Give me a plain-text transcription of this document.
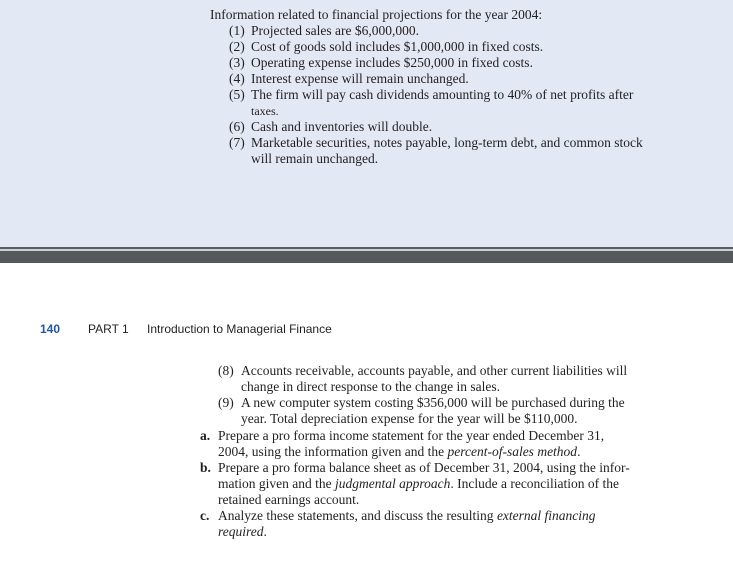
Information related to financial projections for the year 2004:
(1) Projected sales are $6,000,000.
(2) Cost of goods sold includes $1,000,000 in fixed costs.
(3) Operating expense includes $250,000 in fixed costs.
(4) Interest expense will remain unchanged.
(5) The firm will pay cash dividends amounting to 40% of net profits after
taxes.
(6) Cash and inventories will double.
(7) Marketable securities, notes payable, long-term debt, and common stock
will remain unchanged.
140 PART 1 Introduction to Managerial Finance
(8) Accounts receivable, accounts payable, and other current liabilities will
change in direct response to the change in sales.
(9) A new computer system costing $356,000 will be purchased during the
year. Total depreciation expense for the year will be $110,000.
a. Prepare a pro forma income statement for the year ended December 31,
2004, using the information given and the percent-of-sales method.
b. Prepare a pro forma balance sheet as of December 31, 2004, using the infor-
mation given and the judgmental approach. Include a reconciliation of the
retained earnings account.
c. Analyze these statements, and discuss the resulting external financing
required.
